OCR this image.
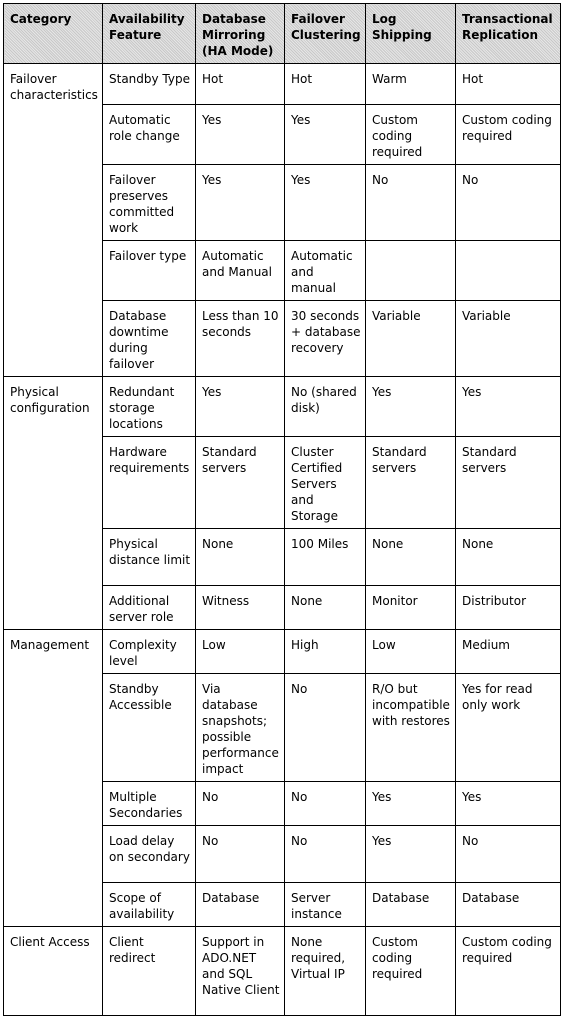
Category	Availability Feature	Database Mirroring (HA Mode)	Failover Clustering	Log Shipping	Transactional Replication
Failover characteristics	Standby Type	Hot	Hot	Warm	Hot
	Automatic role change	Yes	Yes	Custom coding required	Custom coding required
	Failover preserves committed work	Yes	Yes	No	No
	Failover type	Automatic and Manual	Automatic and manual		
	Database downtime during failover	Less than 10 seconds	30 seconds + database recovery	Variable	Variable
Physical configuration	Redundant storage locations	Yes	No (shared disk)	Yes	Yes
	Hardware requirements	Standard servers	Cluster Certified Servers and Storage	Standard servers	Standard servers
	Physical distance limit	None	100 Miles	None	None
	Additional server role	Witness	None	Monitor	Distributor
Management	Complexity level	Low	High	Low	Medium
	Standby Accessible	Via database snapshots; possible performance impact	No	R/O but incompatible with restores	Yes for read only work
	Multiple Secondaries	No	No	Yes	Yes
	Load delay on secondary	No	No	Yes	No
	Scope of availability	Database	Server instance	Database	Database
Client Access	Client redirect	Support in ADO.NET and SQL Native Client	None required, Virtual IP	Custom coding required	Custom coding required
